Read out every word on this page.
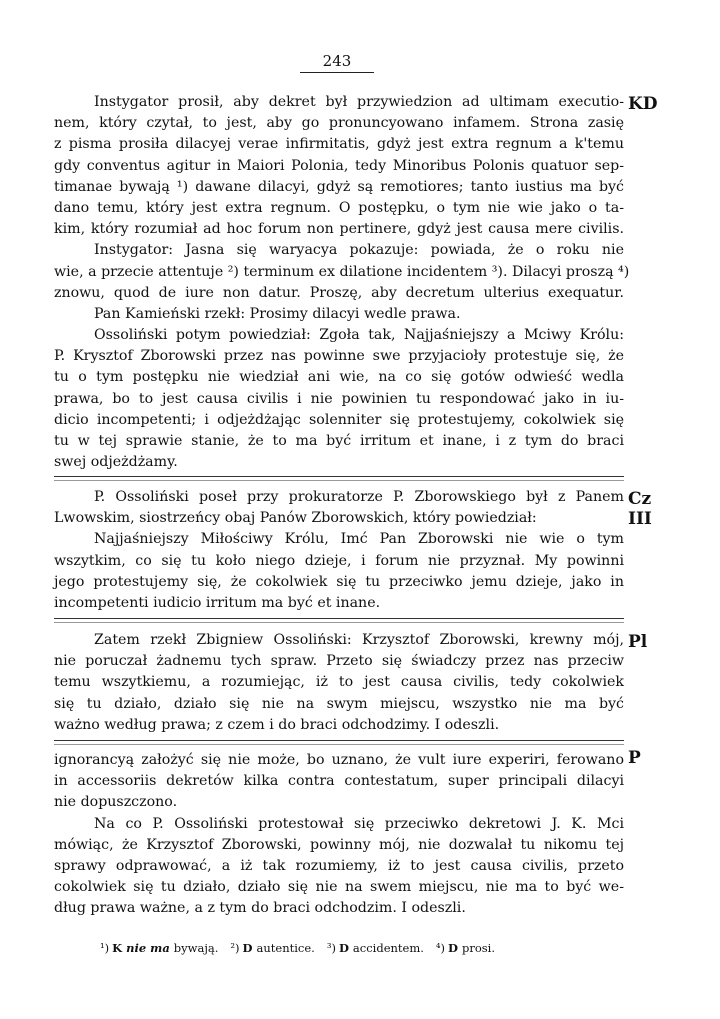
243
Instygator prosił, aby dekret był przywiedzion ad ultimam executio-
nem, który czytał, to jest, aby go pronuncyowano infamem. Strona zasię
z pisma prosiła dilacyej verae infirmitatis, gdyż jest extra regnum a k'temu
gdy conventus agitur in Maiori Polonia, tedy Minoribus Polonis quatuor sep-
timanae bywają ¹) dawane dilacyi, gdyż są remotiores; tanto iustius ma być
dano temu, który jest extra regnum. O postępku, o tym nie wie jako o ta-
kim, który rozumiał ad hoc forum non pertinere, gdyż jest causa mere civilis.
Instygator: Jasna się waryacya pokazuje: powiada, że o roku nie
wie, a przecie attentuje ²) terminum ex dilatione incidentem ³). Dilacyi proszą ⁴)
znowu, quod de iure non datur. Proszę, aby decretum ulterius exequatur.
Pan Kamieński rzekł: Prosimy dilacyi wedle prawa.
Ossoliński potym powiedział: Zgoła tak, Najjaśniejszy a Mciwy Królu:
P. Krysztof Zborowski przez nas powinne swe przyjacioły protestuje się, że
tu o tym postępku nie wiedział ani wie, na co się gotów odwieść wedla
prawa, bo to jest causa civilis i nie powinien tu respondować jako in iu-
dicio incompetenti; i odjeżdżając solenniter się protestujemy, cokolwiek się
tu w tej sprawie stanie, że to ma być irritum et inane, i z tym do braci
swej odjeżdżamy.
KD
P. Ossoliński poseł przy prokuratorze P. Zborowskiego był z Panem
Lwowskim, siostrzeńcy obaj Panów Zborowskich, który powiedział:
Najjaśniejszy Miłościwy Królu, Imć Pan Zborowski nie wie o tym
wszytkim, co się tu koło niego dzieje, i forum nie przyznał. My powinni
jego protestujemy się, że cokolwiek się tu przeciwko jemu dzieje, jako in
incompetenti iudicio irritum ma być et inane.
Cz
III
Zatem rzekł Zbigniew Ossoliński: Krzysztof Zborowski, krewny mój,
nie poruczał żadnemu tych spraw. Przeto się świadczy przez nas przeciw
temu wszytkiemu, a rozumiejąc, iż to jest causa civilis, tedy cokolwiek
się tu działo, działo się nie na swym miejscu, wszystko nie ma być
ważno według prawa; z czem i do braci odchodzimy. I odeszli.
Pl
ignorancyą założyć się nie może, bo uznano, że vult iure experiri, ferowano
in accessoriis dekretów kilka contra contestatum, super principali dilacyi
nie dopuszczono.
Na co P. Ossoliński protestował się przeciwko dekretowi J. K. Mci
mówiąc, że Krzysztof Zborowski, powinny mój, nie dozwalał tu nikomu tej
sprawy odprawować, a iż tak rozumiemy, iż to jest causa civilis, przeto
cokolwiek się tu działo, działo się nie na swem miejscu, nie ma to być we-
dług prawa ważne, a z tym do braci odchodzim. I odeszli.
P
¹) K nie ma bywają. ²) D autentice. ³) D accidentem. ⁴) D prosi.
